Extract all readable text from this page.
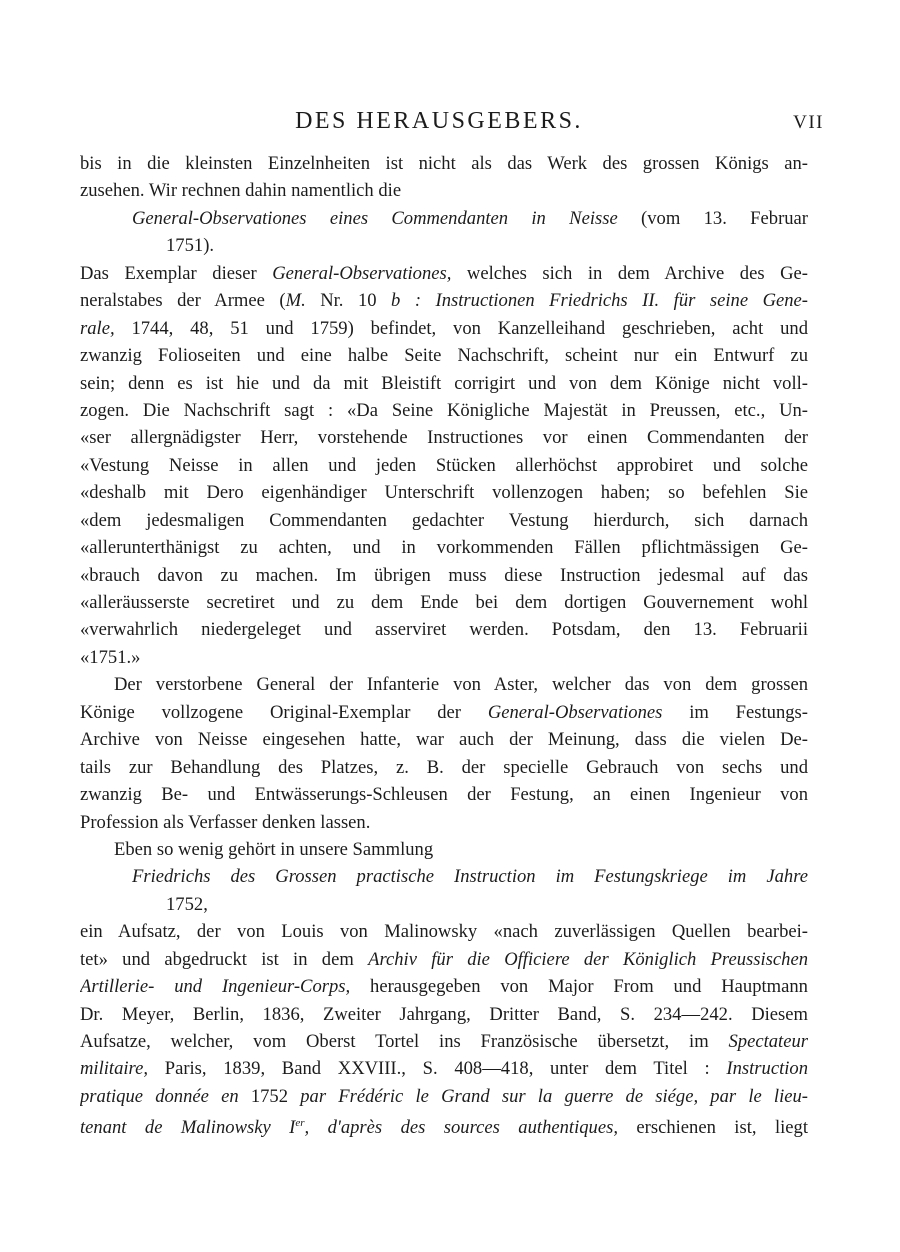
DES HERAUSGEBERS.	VII
bis in die kleinsten Einzelnheiten ist nicht als das Werk des grossen Königs an-
zusehen. Wir rechnen dahin namentlich die
General-Observationes eines Commendanten in Neisse (vom 13. Februar
1751).
Das Exemplar dieser General-Observationes, welches sich in dem Archive des Ge-
neralstabes der Armee (M. Nr. 10 b : Instructionen Friedrichs II. für seine Gene-
rale, 1744, 48, 51 und 1759) befindet, von Kanzelleihand geschrieben, acht und
zwanzig Folioseiten und eine halbe Seite Nachschrift, scheint nur ein Entwurf zu
sein; denn es ist hie und da mit Bleistift corrigirt und von dem Könige nicht voll-
zogen. Die Nachschrift sagt : «Da Seine Königliche Majestät in Preussen, etc., Un-
«ser allergnädigster Herr, vorstehende Instructiones vor einen Commendanten der
«Vestung Neisse in allen und jeden Stücken allerhöchst approbiret und solche
«deshalb mit Dero eigenhändiger Unterschrift vollenzogen haben; so befehlen Sie
«dem jedesmaligen Commendanten gedachter Vestung hierdurch, sich darnach
«allerunterthänigst zu achten, und in vorkommenden Fällen pflichtmässigen Ge-
«brauch davon zu machen. Im übrigen muss diese Instruction jedesmal auf das
«alleräusserste secretiret und zu dem Ende bei dem dortigen Gouvernement wohl
«verwahrlich niedergeleget und asserviret werden. Potsdam, den 13. Februarii
«1751.»
Der verstorbene General der Infanterie von Aster, welcher das von dem grossen
Könige vollzogene Original-Exemplar der General-Observationes im Festungs-
Archive von Neisse eingesehen hatte, war auch der Meinung, dass die vielen De-
tails zur Behandlung des Platzes, z. B. der specielle Gebrauch von sechs und
zwanzig Be- und Entwässerungs-Schleusen der Festung, an einen Ingenieur von
Profession als Verfasser denken lassen.
Eben so wenig gehört in unsere Sammlung
Friedrichs des Grossen practische Instruction im Festungskriege im Jahre
1752,
ein Aufsatz, der von Louis von Malinowsky «nach zuverlässigen Quellen bearbei-
tet» und abgedruckt ist in dem Archiv für die Officiere der Königlich Preussischen
Artillerie- und Ingenieur-Corps, herausgegeben von Major From und Hauptmann
Dr. Meyer, Berlin, 1836, Zweiter Jahrgang, Dritter Band, S. 234—242. Diesem
Aufsatze, welcher, vom Oberst Tortel ins Französische übersetzt, im Spectateur
militaire, Paris, 1839, Band XXVIII., S. 408—418, unter dem Titel : Instruction
pratique donnée en 1752 par Frédéric le Grand sur la guerre de siége, par le lieu-
tenant de Malinowsky Ier, d'après des sources authentiques, erschienen ist, liegt
